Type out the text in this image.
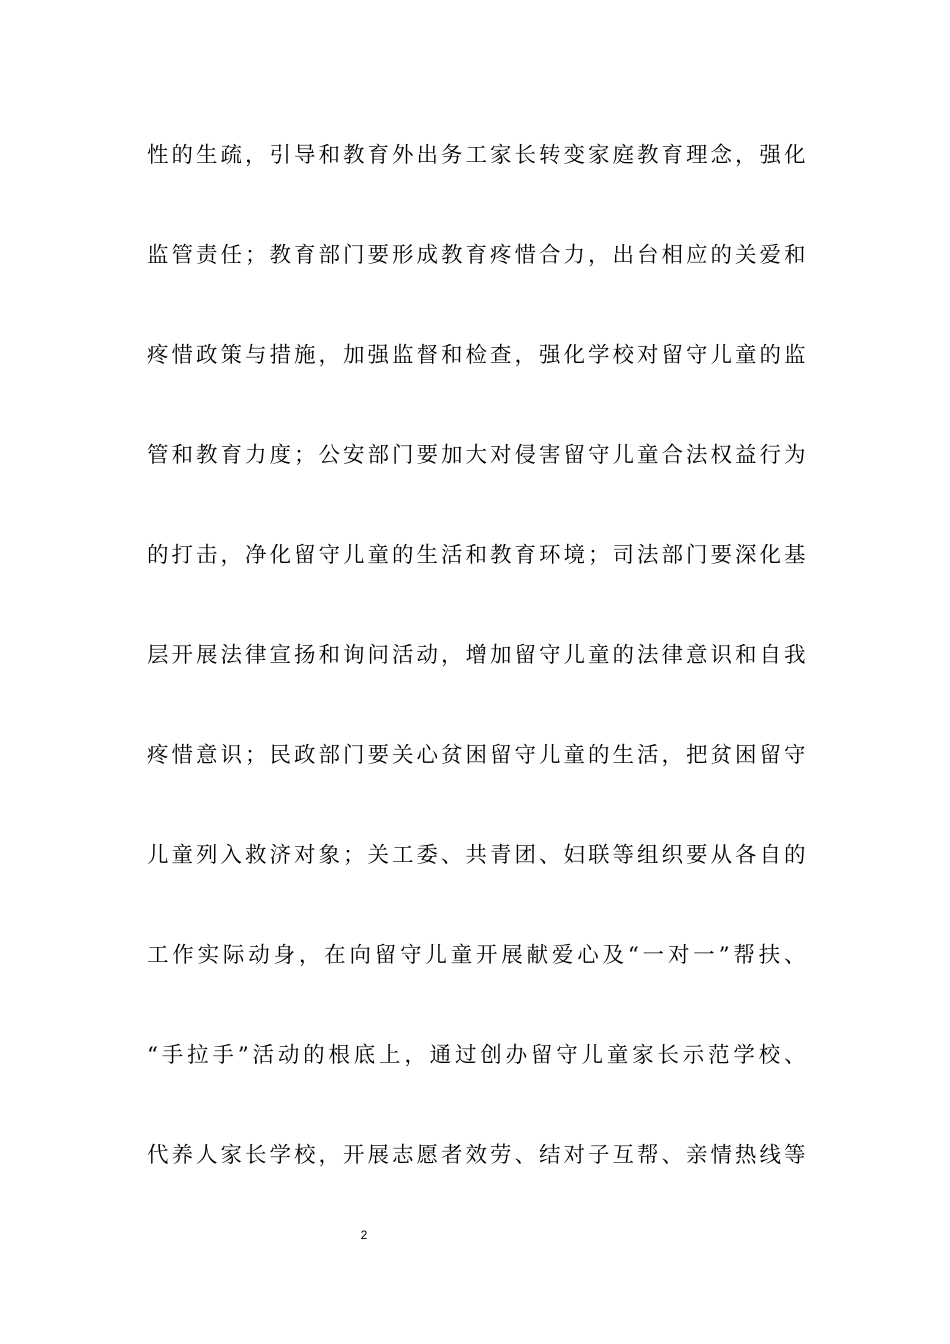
性的生疏，引导和教育外出务工家长转变家庭教育理念，强化
监管责任；教育部门要形成教育疼惜合力，出台相应的关爱和
疼惜政策与措施，加强监督和检查，强化学校对留守儿童的监
管和教育力度；公安部门要加大对侵害留守儿童合法权益行为
的打击，净化留守儿童的生活和教育环境；司法部门要深化基
层开展法律宣扬和询问活动，增加留守儿童的法律意识和自我
疼惜意识；民政部门要关心贫困留守儿童的生活，把贫困留守
儿童列入救济对象；关工委、共青团、妇联等组织要从各自的
工作实际动身，在向留守儿童开展献爱心及“一对一”帮扶、
“手拉手”活动的根底上，通过创办留守儿童家长示范学校、
代养人家长学校，开展志愿者效劳、结对子互帮、亲情热线等
2
